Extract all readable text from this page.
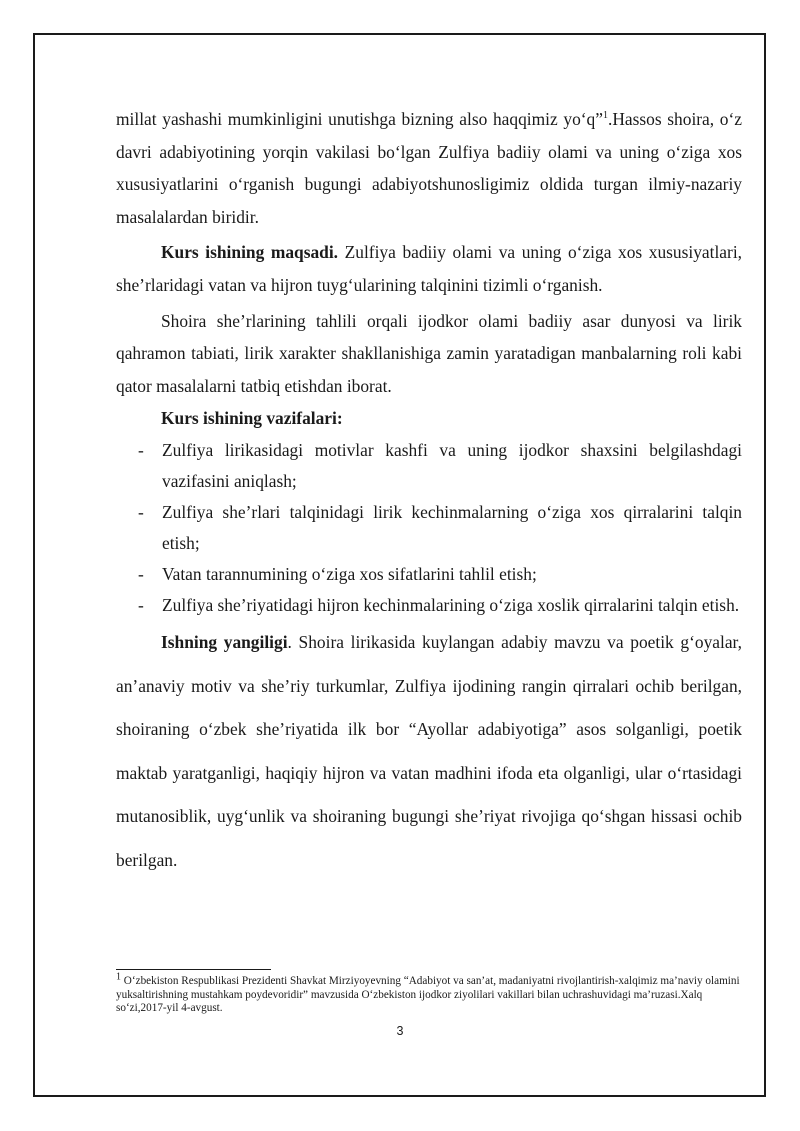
millat yashashi mumkinligini unutishga bizning also haqqimiz yo‘q”$^1$.Hassos shoira, o‘z davri adabiyotining yorqin vakilasi bo‘lgan Zulfiya badiiy olami va uning o‘ziga xos xususiyatlarini o‘rganish bugungi adabiyotshunosligimiz oldida turgan ilmiy-nazariy masalalardan biridir.

Kurs ishining maqsadi. Zulfiya badiiy olami va uning o‘ziga xos xususiyatlari, she’rlaridagi vatan va hijron tuyg‘ularining talqinini tizimli o‘rganish.

Shoira she’rlarining tahlili orqali ijodkor olami badiiy asar dunyosi va lirik qahramon tabiati, lirik xarakter shakllanishiga zamin yaratadigan manbalarning roli kabi qator masalalarni tatbiq etishdan iborat.

Kurs ishining vazifalari:
- Zulfiya lirikasidagi motivlar kashfi va uning ijodkor shaxsini belgilashdagi vazifasini aniqlash;
- Zulfiya she’rlari talqinidagi lirik kechinmalarning o‘ziga xos qirralarini talqin etish;
- Vatan tarannumining o‘ziga xos sifatlarini tahlil etish;
- Zulfiya she’riyatidagi hijron kechinmalarining o‘ziga xoslik qirralarini talqin etish.

Ishning yangiligi. Shoira lirikasida kuylangan adabiy mavzu va poetik g‘oyalar, an’anaviy motiv va she’riy turkumlar, Zulfiya ijodining rangin qirralari ochib berilgan, shoiraning o‘zbek she’riyatida ilk bor “Ayollar adabiyotiga” asos solganligi, poetik maktab yaratganligi, haqiqiy hijron va vatan madhini ifoda eta olganligi, ular o‘rtasidagi mutanosiblik, uyg‘unlik va shoiraning bugungi she’riyat rivojiga qo‘shgan hissasi ochib berilgan.

$^1$ O‘zbekiston Respublikasi Prezidenti Shavkat Mirziyoyevning “Adabiyot va san’at, madaniyatni rivojlantirish-xalqimiz ma’naviy olamini yuksaltirishning mustahkam poydevoridir” mavzusida O‘zbekiston ijodkor ziyolilari vakillari bilan uchrashuvidagi ma’ruzasi.Xalq so‘zi,2017-yil 4-avgust.
3
